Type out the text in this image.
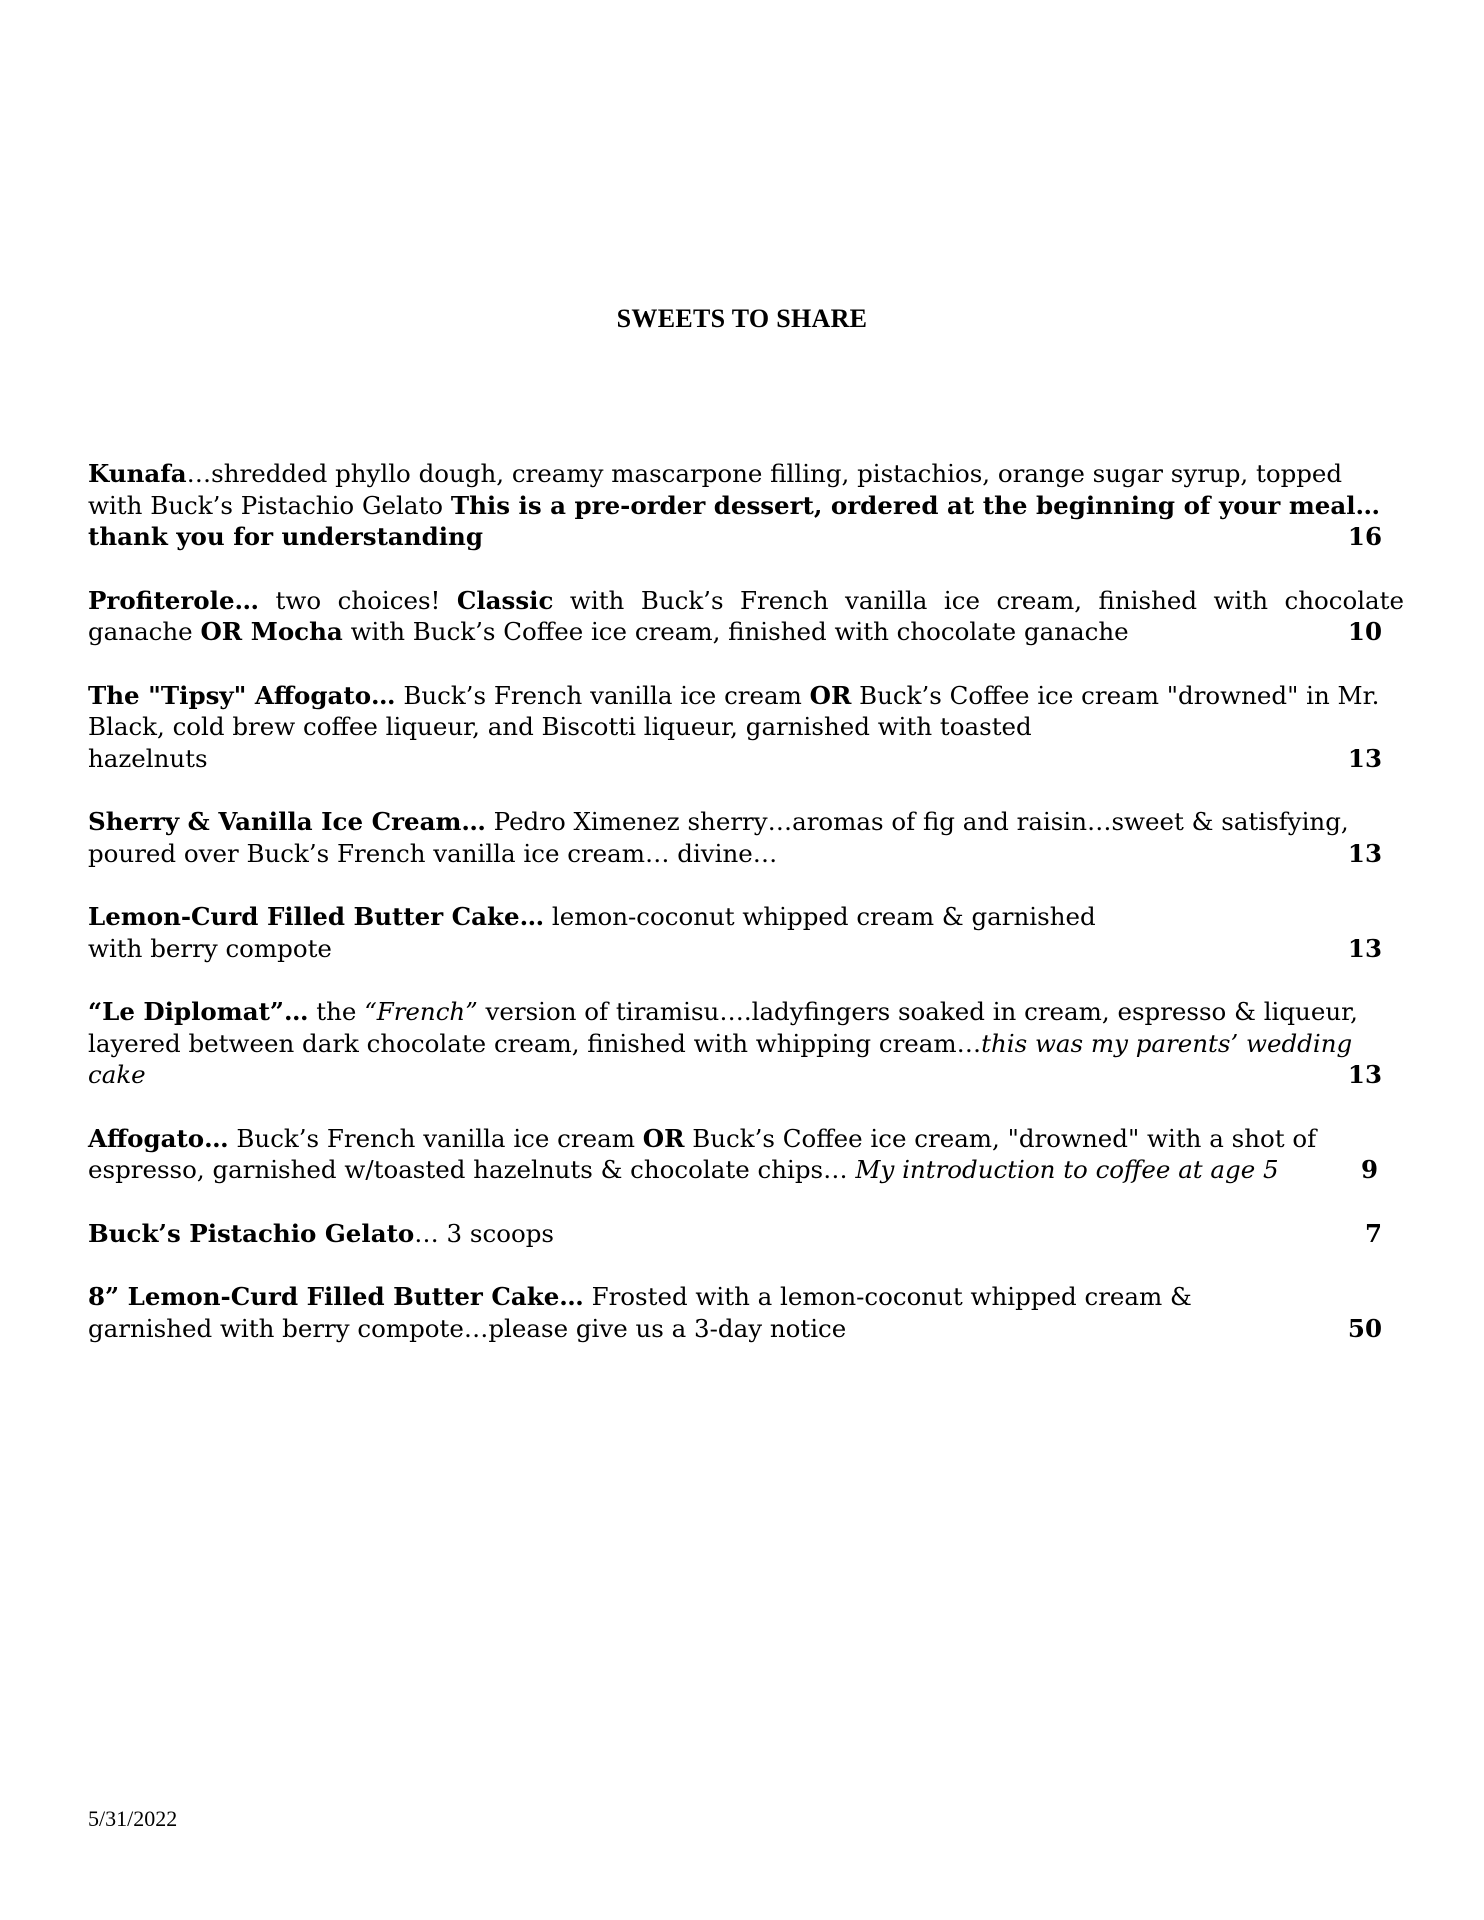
SWEETS TO SHARE
Kunafa…shredded phyllo dough, creamy mascarpone filling, pistachios, orange sugar syrup, topped with Buck’s Pistachio Gelato This is a pre-order dessert, ordered at the beginning of your meal…thank you for understanding	16
Profiterole… two choices! Classic with Buck’s French vanilla ice cream, finished with chocolate ganache OR Mocha with Buck’s Coffee ice cream, finished with chocolate ganache	10
The "Tipsy" Affogato… Buck’s French vanilla ice cream OR Buck’s Coffee ice cream "drowned" in Mr. Black, cold brew coffee liqueur, and Biscotti liqueur, garnished with toasted
hazelnuts	13
Sherry & Vanilla Ice Cream… Pedro Ximenez sherry…aromas of fig and raisin…sweet & satisfying, poured over Buck’s French vanilla ice cream… divine…	13
Lemon-Curd Filled Butter Cake… lemon-coconut whipped cream & garnished
with berry compote	13
“Le Diplomat”… the “French” version of tiramisu….ladyfingers soaked in cream, espresso & liqueur, layered between dark chocolate cream, finished with whipping cream…this was my parents’ wedding cake	13
Affogato… Buck’s French vanilla ice cream OR Buck’s Coffee ice cream, "drowned" with a shot of espresso, garnished w/toasted hazelnuts & chocolate chips… My introduction to coffee at age 5	9
Buck’s Pistachio Gelato… 3 scoops	7
8” Lemon-Curd Filled Butter Cake… Frosted with a lemon-coconut whipped cream & garnished with berry compote…please give us a 3-day notice	50
5/31/2022
